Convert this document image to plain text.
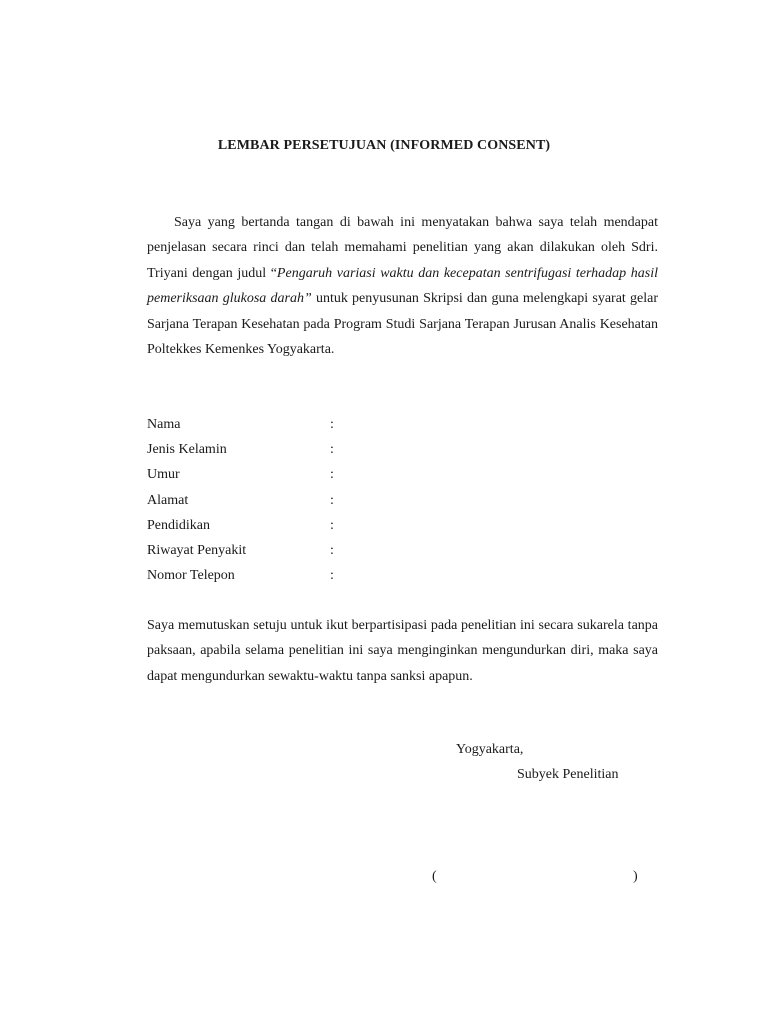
LEMBAR PERSETUJUAN (INFORMED CONSENT)

Saya yang bertanda tangan di bawah ini menyatakan bahwa saya telah mendapat penjelasan secara rinci dan telah memahami penelitian yang akan dilakukan oleh Sdri. Triyani dengan judul “Pengaruh variasi waktu dan kecepatan sentrifugasi terhadap hasil pemeriksaan glukosa darah” untuk penyusunan Skripsi dan guna melengkapi syarat gelar Sarjana Terapan Kesehatan pada Program Studi Sarjana Terapan Jurusan Analis Kesehatan Poltekkes Kemenkes Yogyakarta.

Nama	:
Jenis Kelamin	:
Umur	:
Alamat	:
Pendidikan	:
Riwayat Penyakit	:
Nomor Telepon	:

Saya memutuskan setuju untuk ikut berpartisipasi pada penelitian ini secara sukarela tanpa paksaan, apabila selama penelitian ini saya menginginkan mengundurkan diri, maka saya dapat mengundurkan sewaktu-waktu tanpa sanksi apapun.

Yogyakarta,

Subyek Penelitian

(	)
